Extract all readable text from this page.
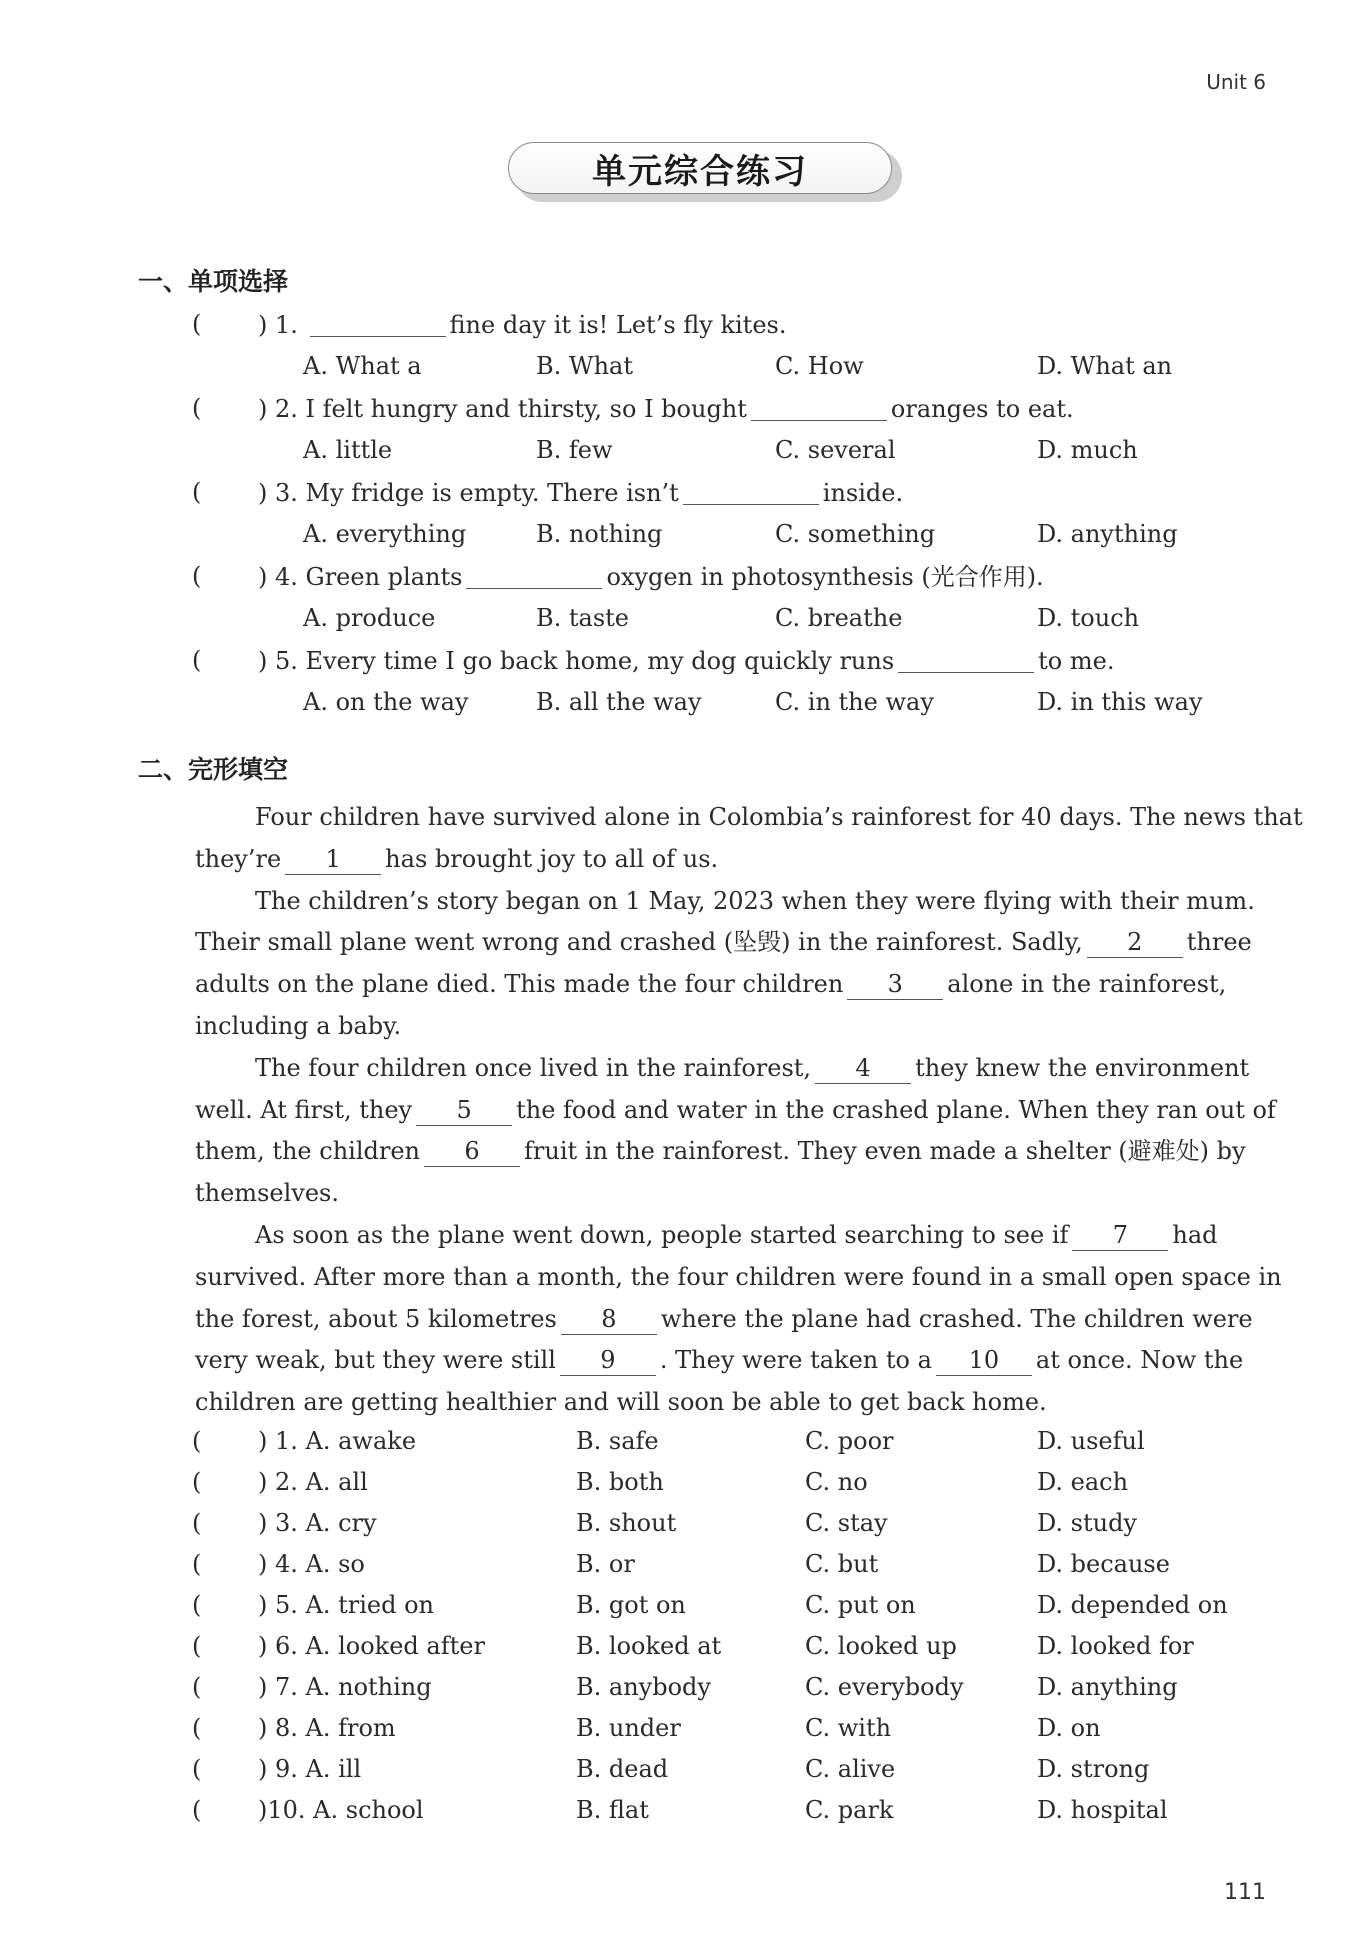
Unit 6
单元综合练习
一、单项选择
( ) 1.	fine day it is! Let’s fly kites.
A. What a	B. What	C. How	D. What an
( ) 2. I felt hungry and thirsty, so I bought	oranges to eat.
A. little	B. few	C. several	D. much
( ) 3. My fridge is empty. There isn’t	inside.
A. everything	B. nothing	C. something	D. anything
( ) 4. Green plants	oxygen in photosynthesis (光合作用).
A. produce	B. taste	C. breathe	D. touch
( ) 5. Every time I go back home, my dog quickly runs	to me.
A. on the way	B. all the way	C. in the way	D. in this way
二、完形填空
Four children have survived alone in Colombia’s rainforest for 40 days. The news that
they’re 1 has brought joy to all of us.
The children’s story began on 1 May, 2023 when they were flying with their mum.
Their small plane went wrong and crashed (坠毁) in the rainforest. Sadly, 2 three
adults on the plane died. This made the four children 3 alone in the rainforest,
including a baby.
The four children once lived in the rainforest, 4 they knew the environment
well. At first, they 5 the food and water in the crashed plane. When they ran out of
them, the children 6 fruit in the rainforest. They even made a shelter (避难处) by
themselves.
As soon as the plane went down, people started searching to see if 7 had
survived. After more than a month, the four children were found in a small open space in
the forest, about 5 kilometres 8 where the plane had crashed. The children were
very weak, but they were still 9 . They were taken to a 10 at once. Now the
children are getting healthier and will soon be able to get back home.
( ) 1. A. awake	B. safe	C. poor	D. useful
( ) 2. A. all	B. both	C. no	D. each
( ) 3. A. cry	B. shout	C. stay	D. study
( ) 4. A. so	B. or	C. but	D. because
( ) 5. A. tried on	B. got on	C. put on	D. depended on
( ) 6. A. looked after	B. looked at	C. looked up	D. looked for
( ) 7. A. nothing	B. anybody	C. everybody	D. anything
( ) 8. A. from	B. under	C. with	D. on
( ) 9. A. ill	B. dead	C. alive	D. strong
( )10. A. school	B. flat	C. park	D. hospital
111
